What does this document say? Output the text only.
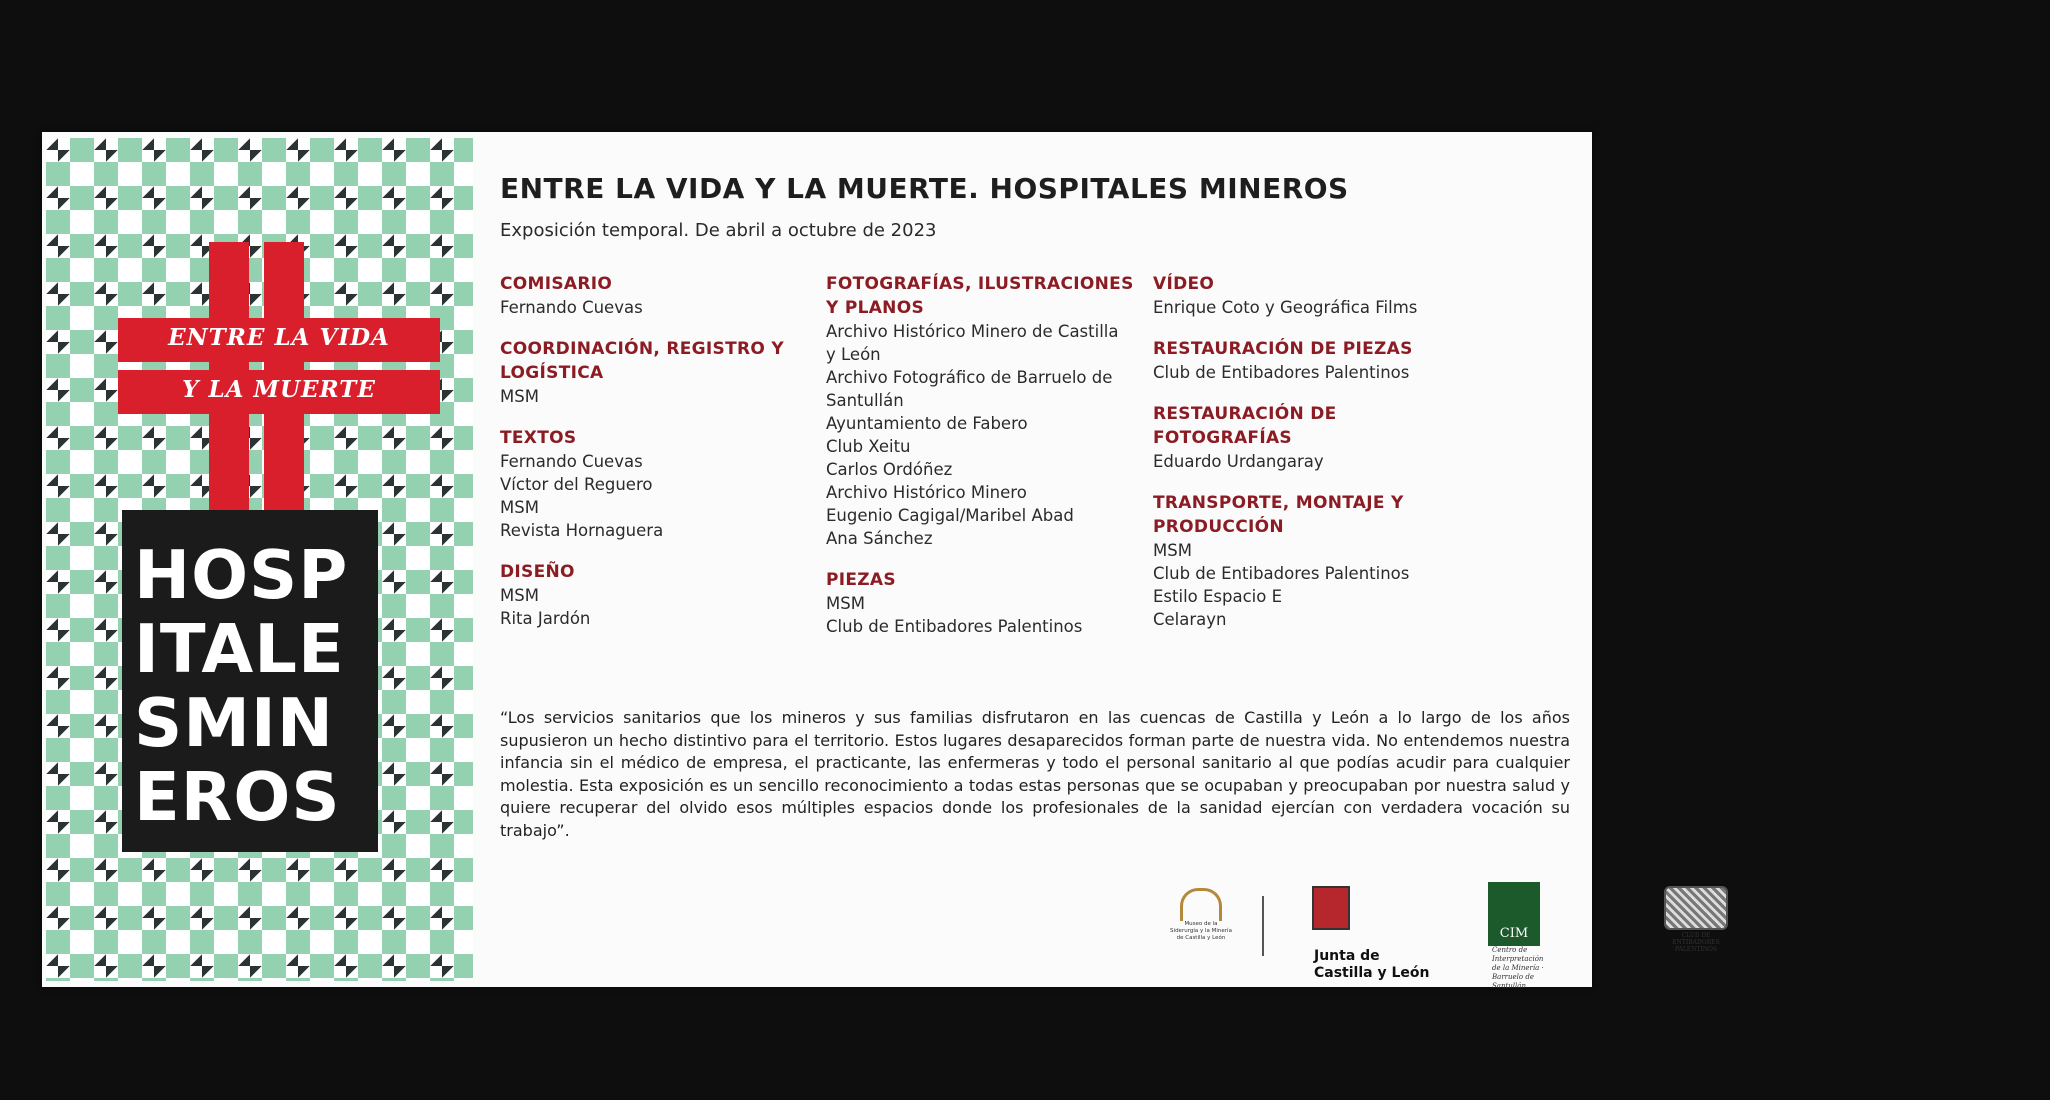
ENTRE LA VIDA
Y LA MUERTE
HOSP
ITALE
SMIN
EROS
ENTRE LA VIDA Y LA MUERTE. HOSPITALES MINEROS
Exposición temporal. De abril a octubre de 2023
COMISARIO
Fernando Cuevas
COORDINACIÓN, REGISTRO Y
LOGÍSTICA
MSM
TEXTOS
Fernando Cuevas
Víctor del Reguero
MSM
Revista Hornaguera
DISEÑO
MSM
Rita Jardón
FOTOGRAFÍAS, ILUSTRACIONES
Y PLANOS
Archivo Histórico Minero de Castilla
y León
Archivo Fotográfico de Barruelo de
Santullán
Ayuntamiento de Fabero
Club Xeitu
Carlos Ordóñez
Archivo Histórico Minero
Eugenio Cagigal/Maribel Abad
Ana Sánchez
PIEZAS
MSM
Club de Entibadores Palentinos
VÍDEO
Enrique Coto y Geográfica Films
RESTAURACIÓN DE PIEZAS
Club de Entibadores Palentinos
RESTAURACIÓN DE
FOTOGRAFÍAS
Eduardo Urdangaray
TRANSPORTE, MONTAJE Y
PRODUCCIÓN
MSM
Club de Entibadores Palentinos
Estilo Espacio E
Celarayn
“Los servicios sanitarios que los mineros y sus familias disfrutaron en las cuencas de Castilla y León a lo largo de los años supusieron un hecho distintivo para el territorio. Estos lugares desaparecidos forman parte de nuestra vida. No entendemos nuestra infancia sin el médico de empresa, el practicante, las enfermeras y todo el personal sanitario al que podías acudir para cualquier molestia. Esta exposición es un sencillo reconocimiento a todas estas personas que se ocupaban y preocupaban por nuestra salud y quiere recuperar del olvido esos múltiples espacios donde los profesionales de la sanidad ejercían con verdadera vocación su trabajo”.
Museo de la Siderurgia y la Minería de Castilla y León
Junta de Castilla y León
CIM Centro de Interpretación de la Minería · Barruelo de Santullán
CLUB DE ENTIBADORES PALENTINOS
